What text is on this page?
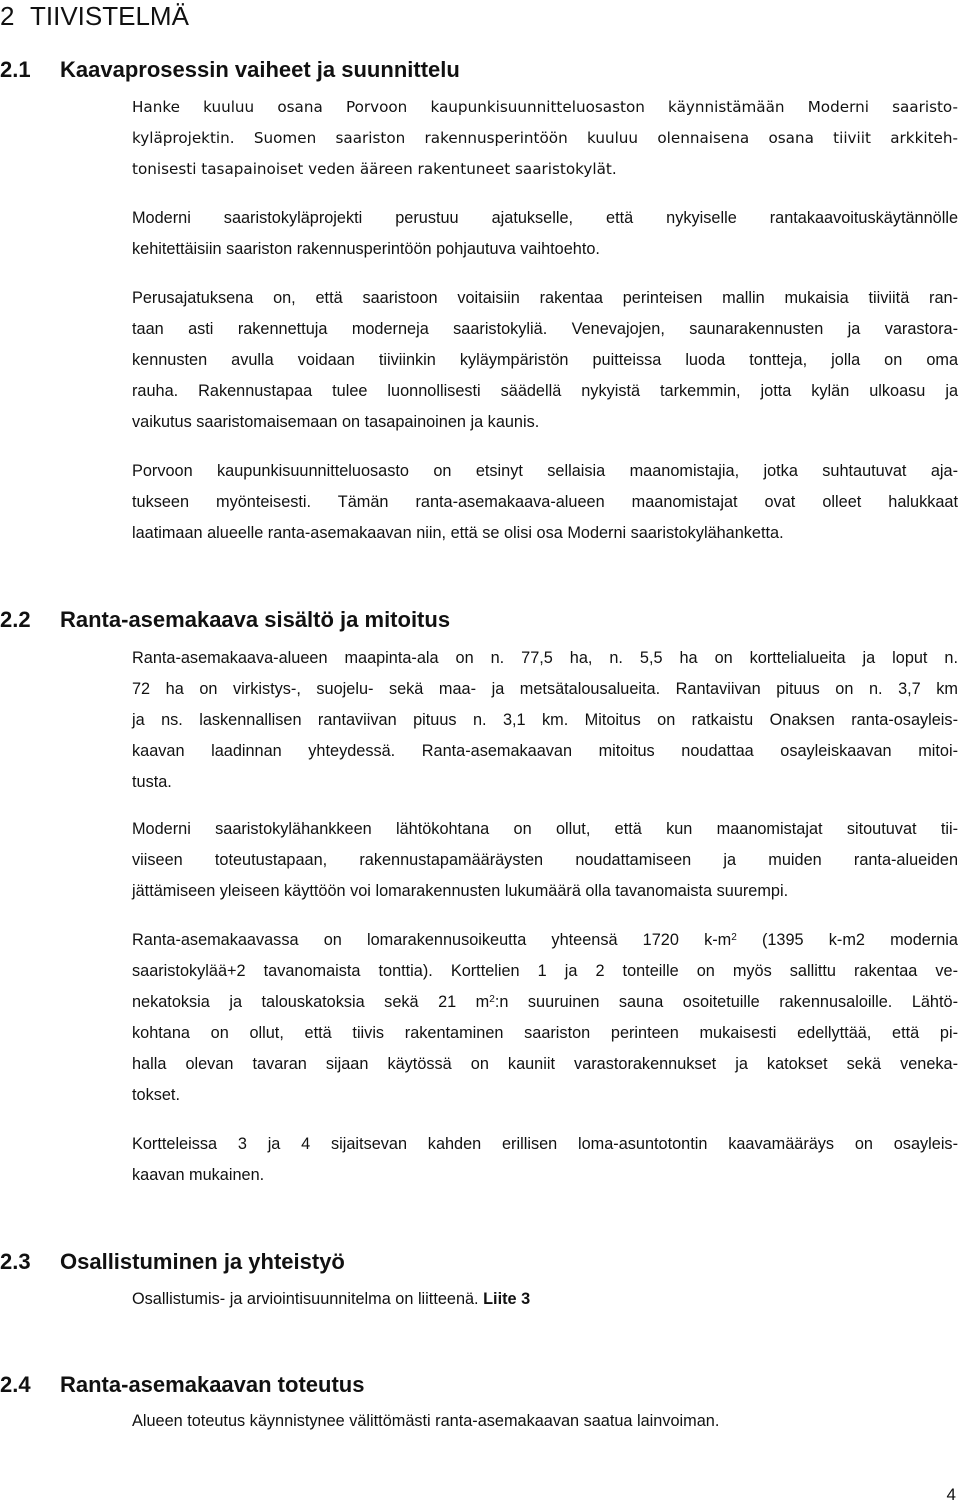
2 TIIVISTELMÄ
2.1 Kaavaprosessin vaiheet ja suunnittelu
Hanke kuuluu osana Porvoon kaupunkisuunnitteluosaston käynnistämään Moderni saaristo-
kyläprojektin. Suomen saariston rakennusperintöön kuuluu olennaisena osana tiiviit arkkiteh-
tonisesti tasapainoiset veden ääreen rakentuneet saaristokylät.
Moderni saaristokyläprojekti perustuu ajatukselle, että nykyiselle rantakaavoituskäytännölle
kehitettäisiin saariston rakennusperintöön pohjautuva vaihtoehto.
Perusajatuksena on, että saaristoon voitaisiin rakentaa perinteisen mallin mukaisia tiiviitä ran-
taan asti rakennettuja moderneja saaristokyliä. Venevajojen, saunarakennusten ja varastora-
kennusten avulla voidaan tiiviinkin kyläympäristön puitteissa luoda tontteja, jolla on oma
rauha. Rakennustapaa tulee luonnollisesti säädellä nykyistä tarkemmin, jotta kylän ulkoasu ja
vaikutus saaristomaisemaan on tasapainoinen ja kaunis.
Porvoon kaupunkisuunnitteluosasto on etsinyt sellaisia maanomistajia, jotka suhtautuvat aja-
tukseen myönteisesti. Tämän ranta-asemakaava-alueen maanomistajat ovat olleet halukkaat
laatimaan alueelle ranta-asemakaavan niin, että se olisi osa Moderni saaristokylähanketta.
2.2 Ranta-asemakaava sisältö ja mitoitus
Ranta-asemakaava-alueen maapinta-ala on n. 77,5 ha, n. 5,5 ha on korttelialueita ja loput n.
72 ha on virkistys-, suojelu- sekä maa- ja metsätalousalueita. Rantaviivan pituus on n. 3,7 km
ja ns. laskennallisen rantaviivan pituus n. 3,1 km. Mitoitus on ratkaistu Onaksen ranta-osayleis-
kaavan laadinnan yhteydessä. Ranta-asemakaavan mitoitus noudattaa osayleiskaavan mitoi-
tusta.
Moderni saaristokylähankkeen lähtökohtana on ollut, että kun maanomistajat sitoutuvat tii-
viiseen toteutustapaan, rakennustapamääräysten noudattamiseen ja muiden ranta-alueiden
jättämiseen yleiseen käyttöön voi lomarakennusten lukumäärä olla tavanomaista suurempi.
Ranta-asemakaavassa on lomarakennusoikeutta yhteensä 1720 $k-m^2$ (1395 k-m2 modernia
saaristokylää+2 tavanomaista tonttia). Korttelien 1 ja 2 tonteille on myös sallittu rakentaa ve-
nekatoksia ja talouskatoksia sekä 21 $m^2:n$ suuruinen sauna osoitetuille rakennusaloille. Lähtö-
kohtana on ollut, että tiivis rakentaminen saariston perinteen mukaisesti edellyttää, että pi-
halla olevan tavaran sijaan käytössä on kauniit varastorakennukset ja katokset sekä veneka-
tokset.
Kortteleissa 3 ja 4 sijaitsevan kahden erillisen loma-asuntotontin kaavamääräys on osayleis-
kaavan mukainen.
2.3 Osallistuminen ja yhteistyö
Osallistumis- ja arviointisuunnitelma on liitteenä. Liite 3
2.4 Ranta-asemakaavan toteutus
Alueen toteutus käynnistynee välittömästi ranta-asemakaavan saatua lainvoiman.
4
